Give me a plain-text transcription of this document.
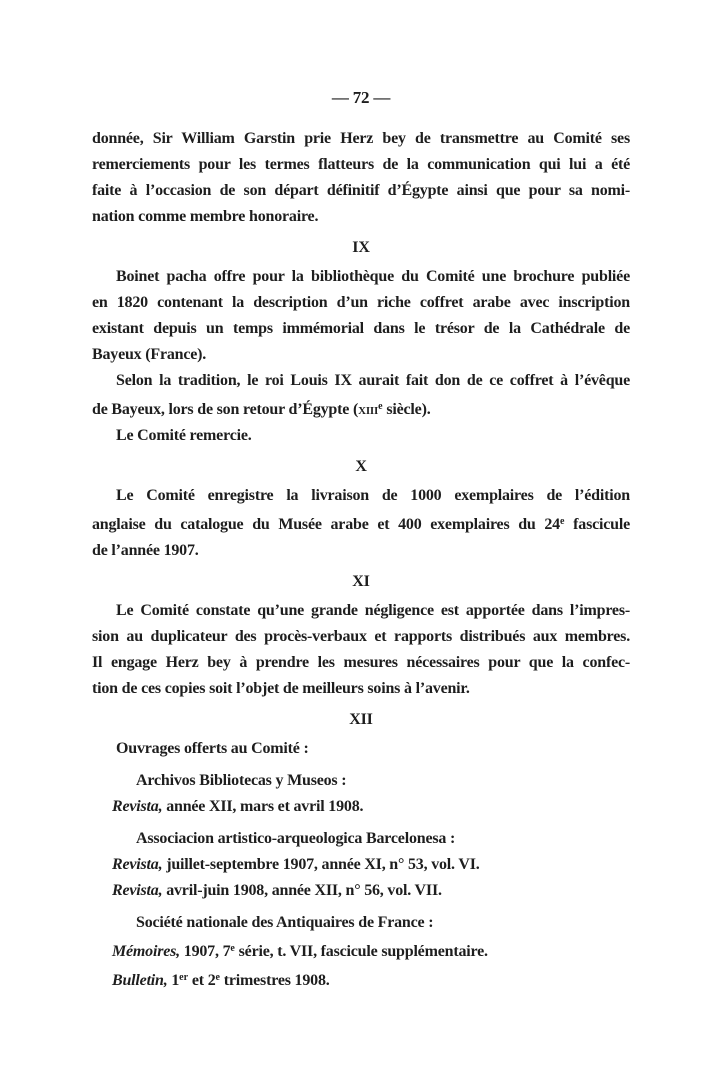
— 72 —
donnée, Sir William Garstin prie Herz bey de transmettre au Comité ses
remerciements pour les termes flatteurs de la communication qui lui a été
faite à l’occasion de son départ définitif d’Égypte ainsi que pour sa nomi-
nation comme membre honoraire.
IX
Boinet pacha offre pour la bibliothèque du Comité une brochure publiée
en 1820 contenant la description d’un riche coffret arabe avec inscription
existant depuis un temps immémorial dans le trésor de la Cathédrale de
Bayeux (France).
Selon la tradition, le roi Louis IX aurait fait don de ce coffret à l’évêque
de Bayeux, lors de son retour d’Égypte (xiii$^e$ siècle).
Le Comité remercie.
X
Le Comité enregistre la livraison de 1000 exemplaires de l’édition
anglaise du catalogue du Musée arabe et 400 exemplaires du 24e fascicule
de l’année 1907.
XI
Le Comité constate qu’une grande négligence est apportée dans l’impres-
sion au duplicateur des procès-verbaux et rapports distribués aux membres.
Il engage Herz bey à prendre les mesures nécessaires pour que la confec-
tion de ces copies soit l’objet de meilleurs soins à l’avenir.
XII
Ouvrages offerts au Comité :
Archivos Bibliotecas y Museos :
Revista, année XII, mars et avril 1908.
Associacion artistico-arqueologica Barcelonesa :
Revista, juillet-septembre 1907, année XI, n° 53, vol. VI.
Revista, avril-juin 1908, année XII, n° 56, vol. VII.
Société nationale des Antiquaires de France :
Mémoires, 1907, 7e série, t. VII, fascicule supplémentaire.
Bulletin, 1er et 2e trimestres 1908.
